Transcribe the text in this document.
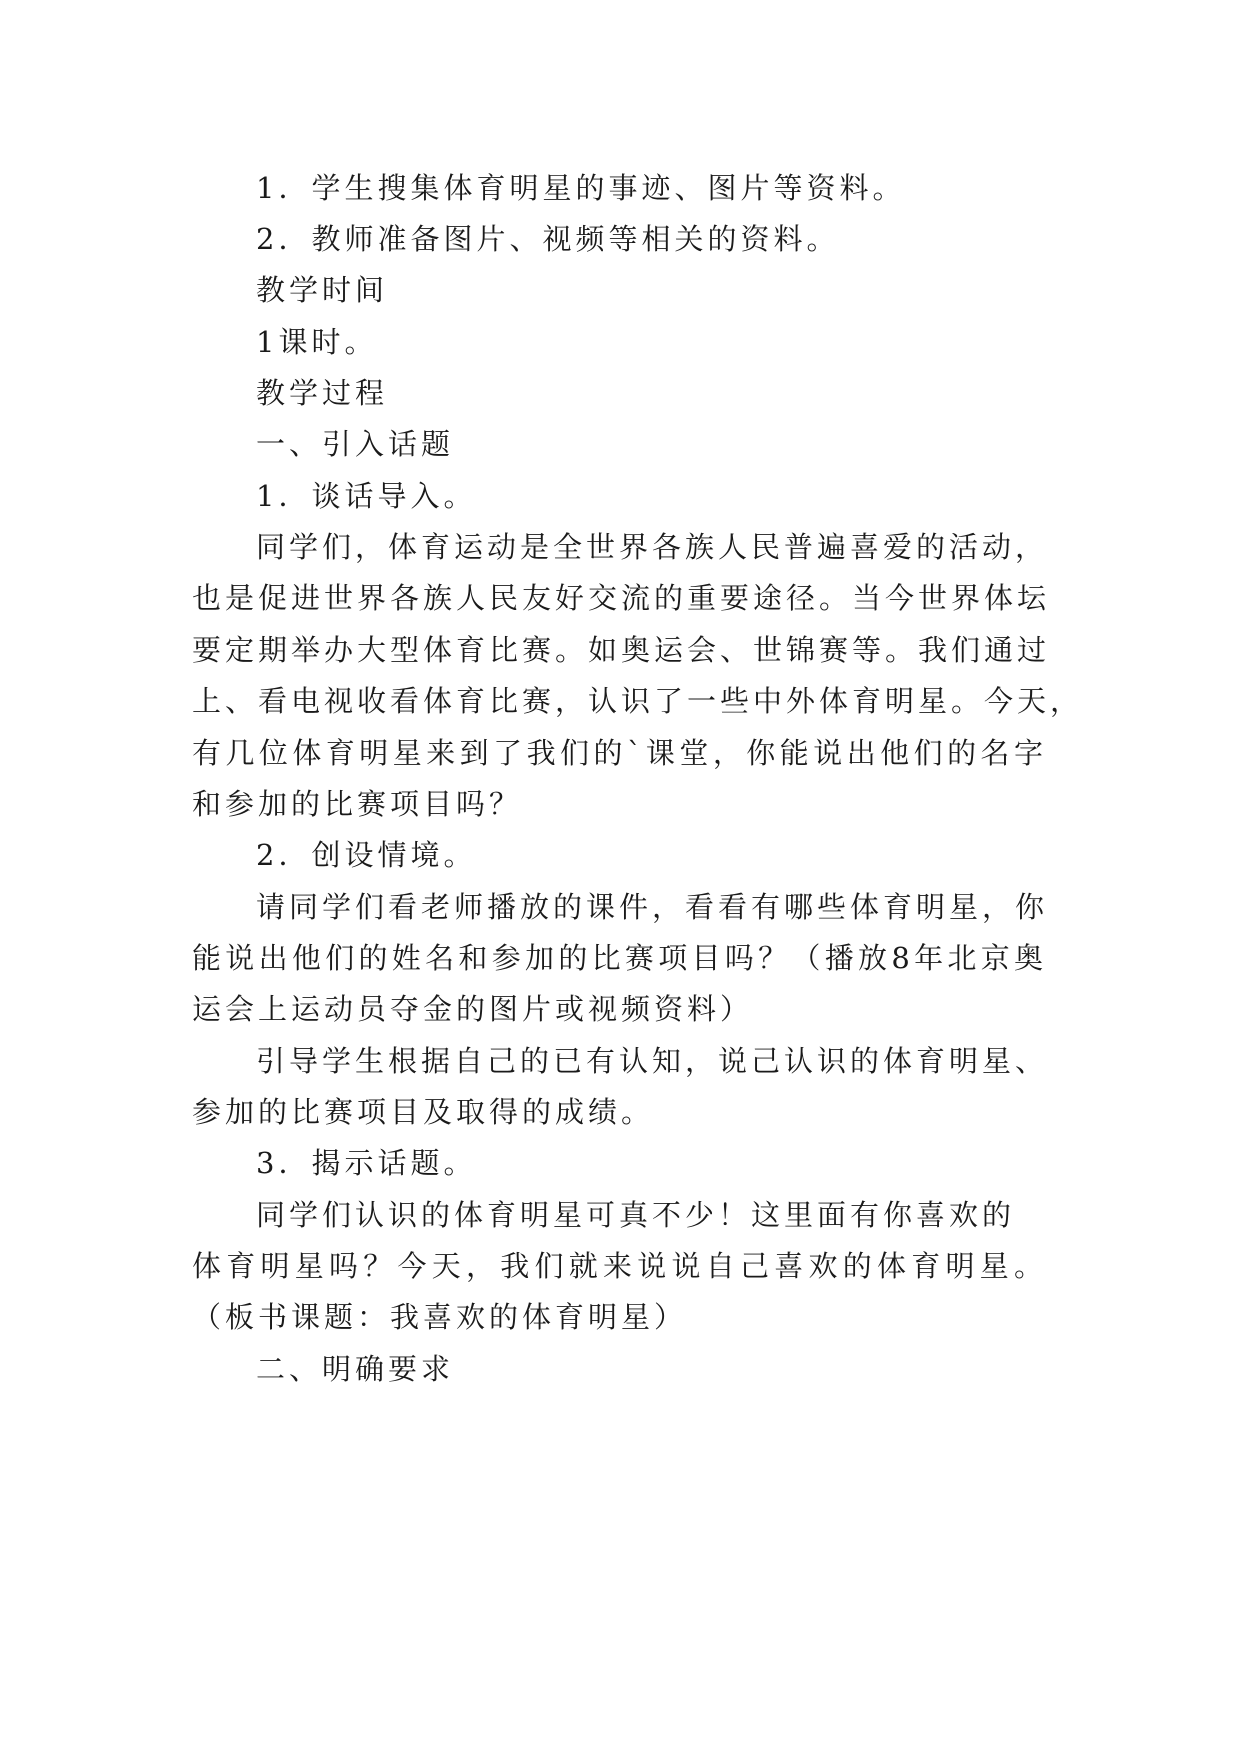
1．学生搜集体育明星的事迹、图片等资料。
2．教师准备图片、视频等相关的资料。
教学时间
1课时。
教学过程
一、引入话题
1．谈话导入。
同学们，体育运动是全世界各族人民普遍喜爱的活动，
也是促进世界各族人民友好交流的重要途径。当今世界体坛
要定期举办大型体育比赛。如奥运会、世锦赛等。我们通过
上、看电视收看体育比赛，认识了一些中外体育明星。今天，
有几位体育明星来到了我们的`课堂，你能说出他们的名字
和参加的比赛项目吗？
2．创设情境。
请同学们看老师播放的课件，看看有哪些体育明星，你
能说出他们的姓名和参加的比赛项目吗？（播放8年北京奥
运会上运动员夺金的图片或视频资料）
引导学生根据自己的已有认知，说己认识的体育明星、
参加的比赛项目及取得的成绩。
3．揭示话题。
同学们认识的体育明星可真不少！这里面有你喜欢的
体育明星吗？今天，我们就来说说自己喜欢的体育明星。
（板书课题：我喜欢的体育明星）
二、明确要求
